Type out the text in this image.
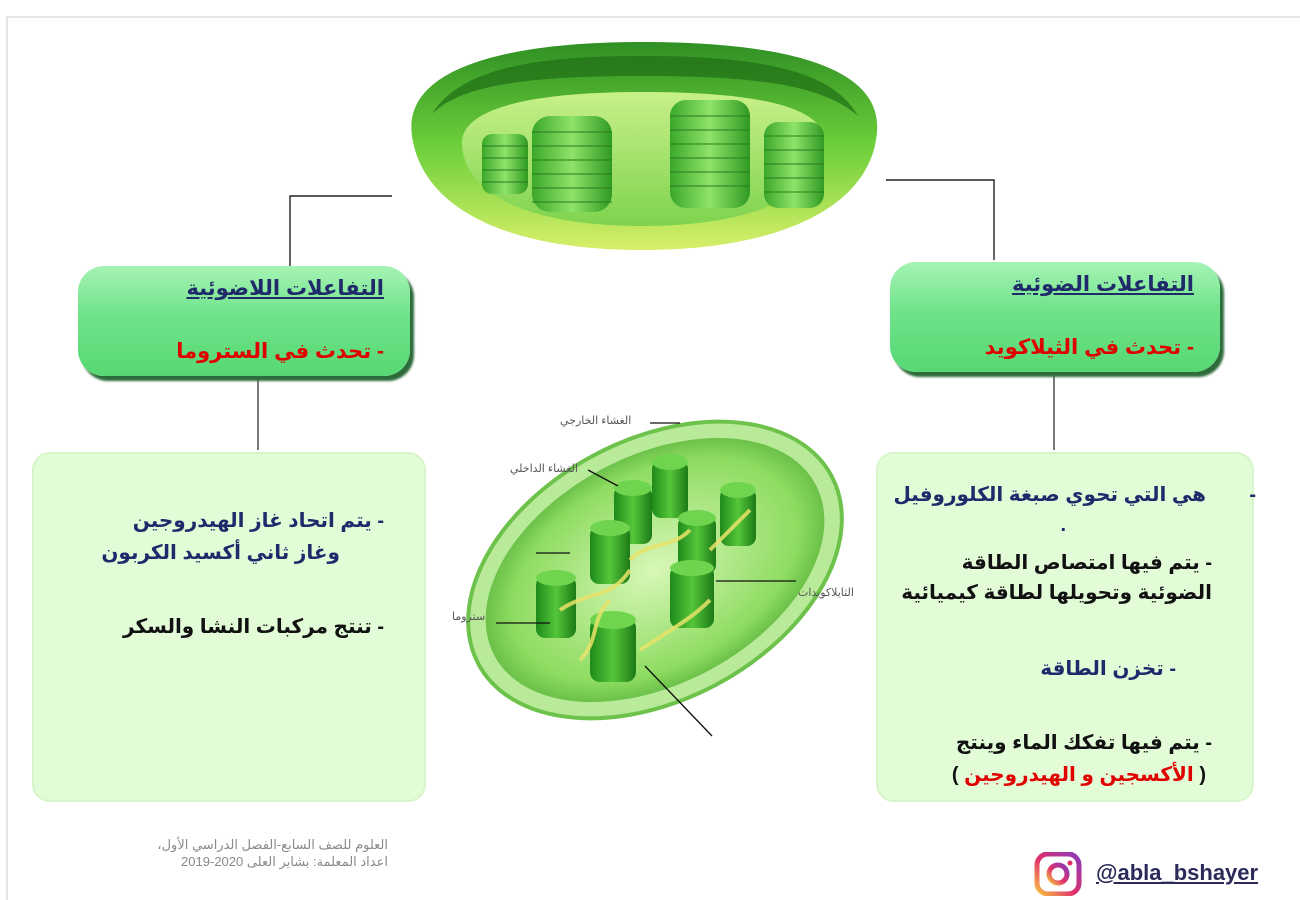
التفاعلات الضوئية
- تحدث في الثيلاكويد
التفاعلات اللاضوئية
- تحدث في الستروما
الغشاء الخارجي
الغشاء الداخلي
الثايلاكويدات
ستروما
هي التي تحوي صبغة الكلوروفيل -
.
- يتم فيها امتصاص الطاقة
الضوئية وتحويلها لطاقة كيميائية
- تخزن الطاقة
- يتم فيها تفكك الماء وينتج
( الأكسجين و الهيدروجين )
- يتم اتحاد غاز الهيدروجين
وغاز ثاني أكسيد الكربون
- تنتج مركبات النشا والسكر
العلوم للصف السابع-الفصل الدراسي الأول،
اعداد المعلمة: بشاير العلى 2020-2019	@abla_bshayer
